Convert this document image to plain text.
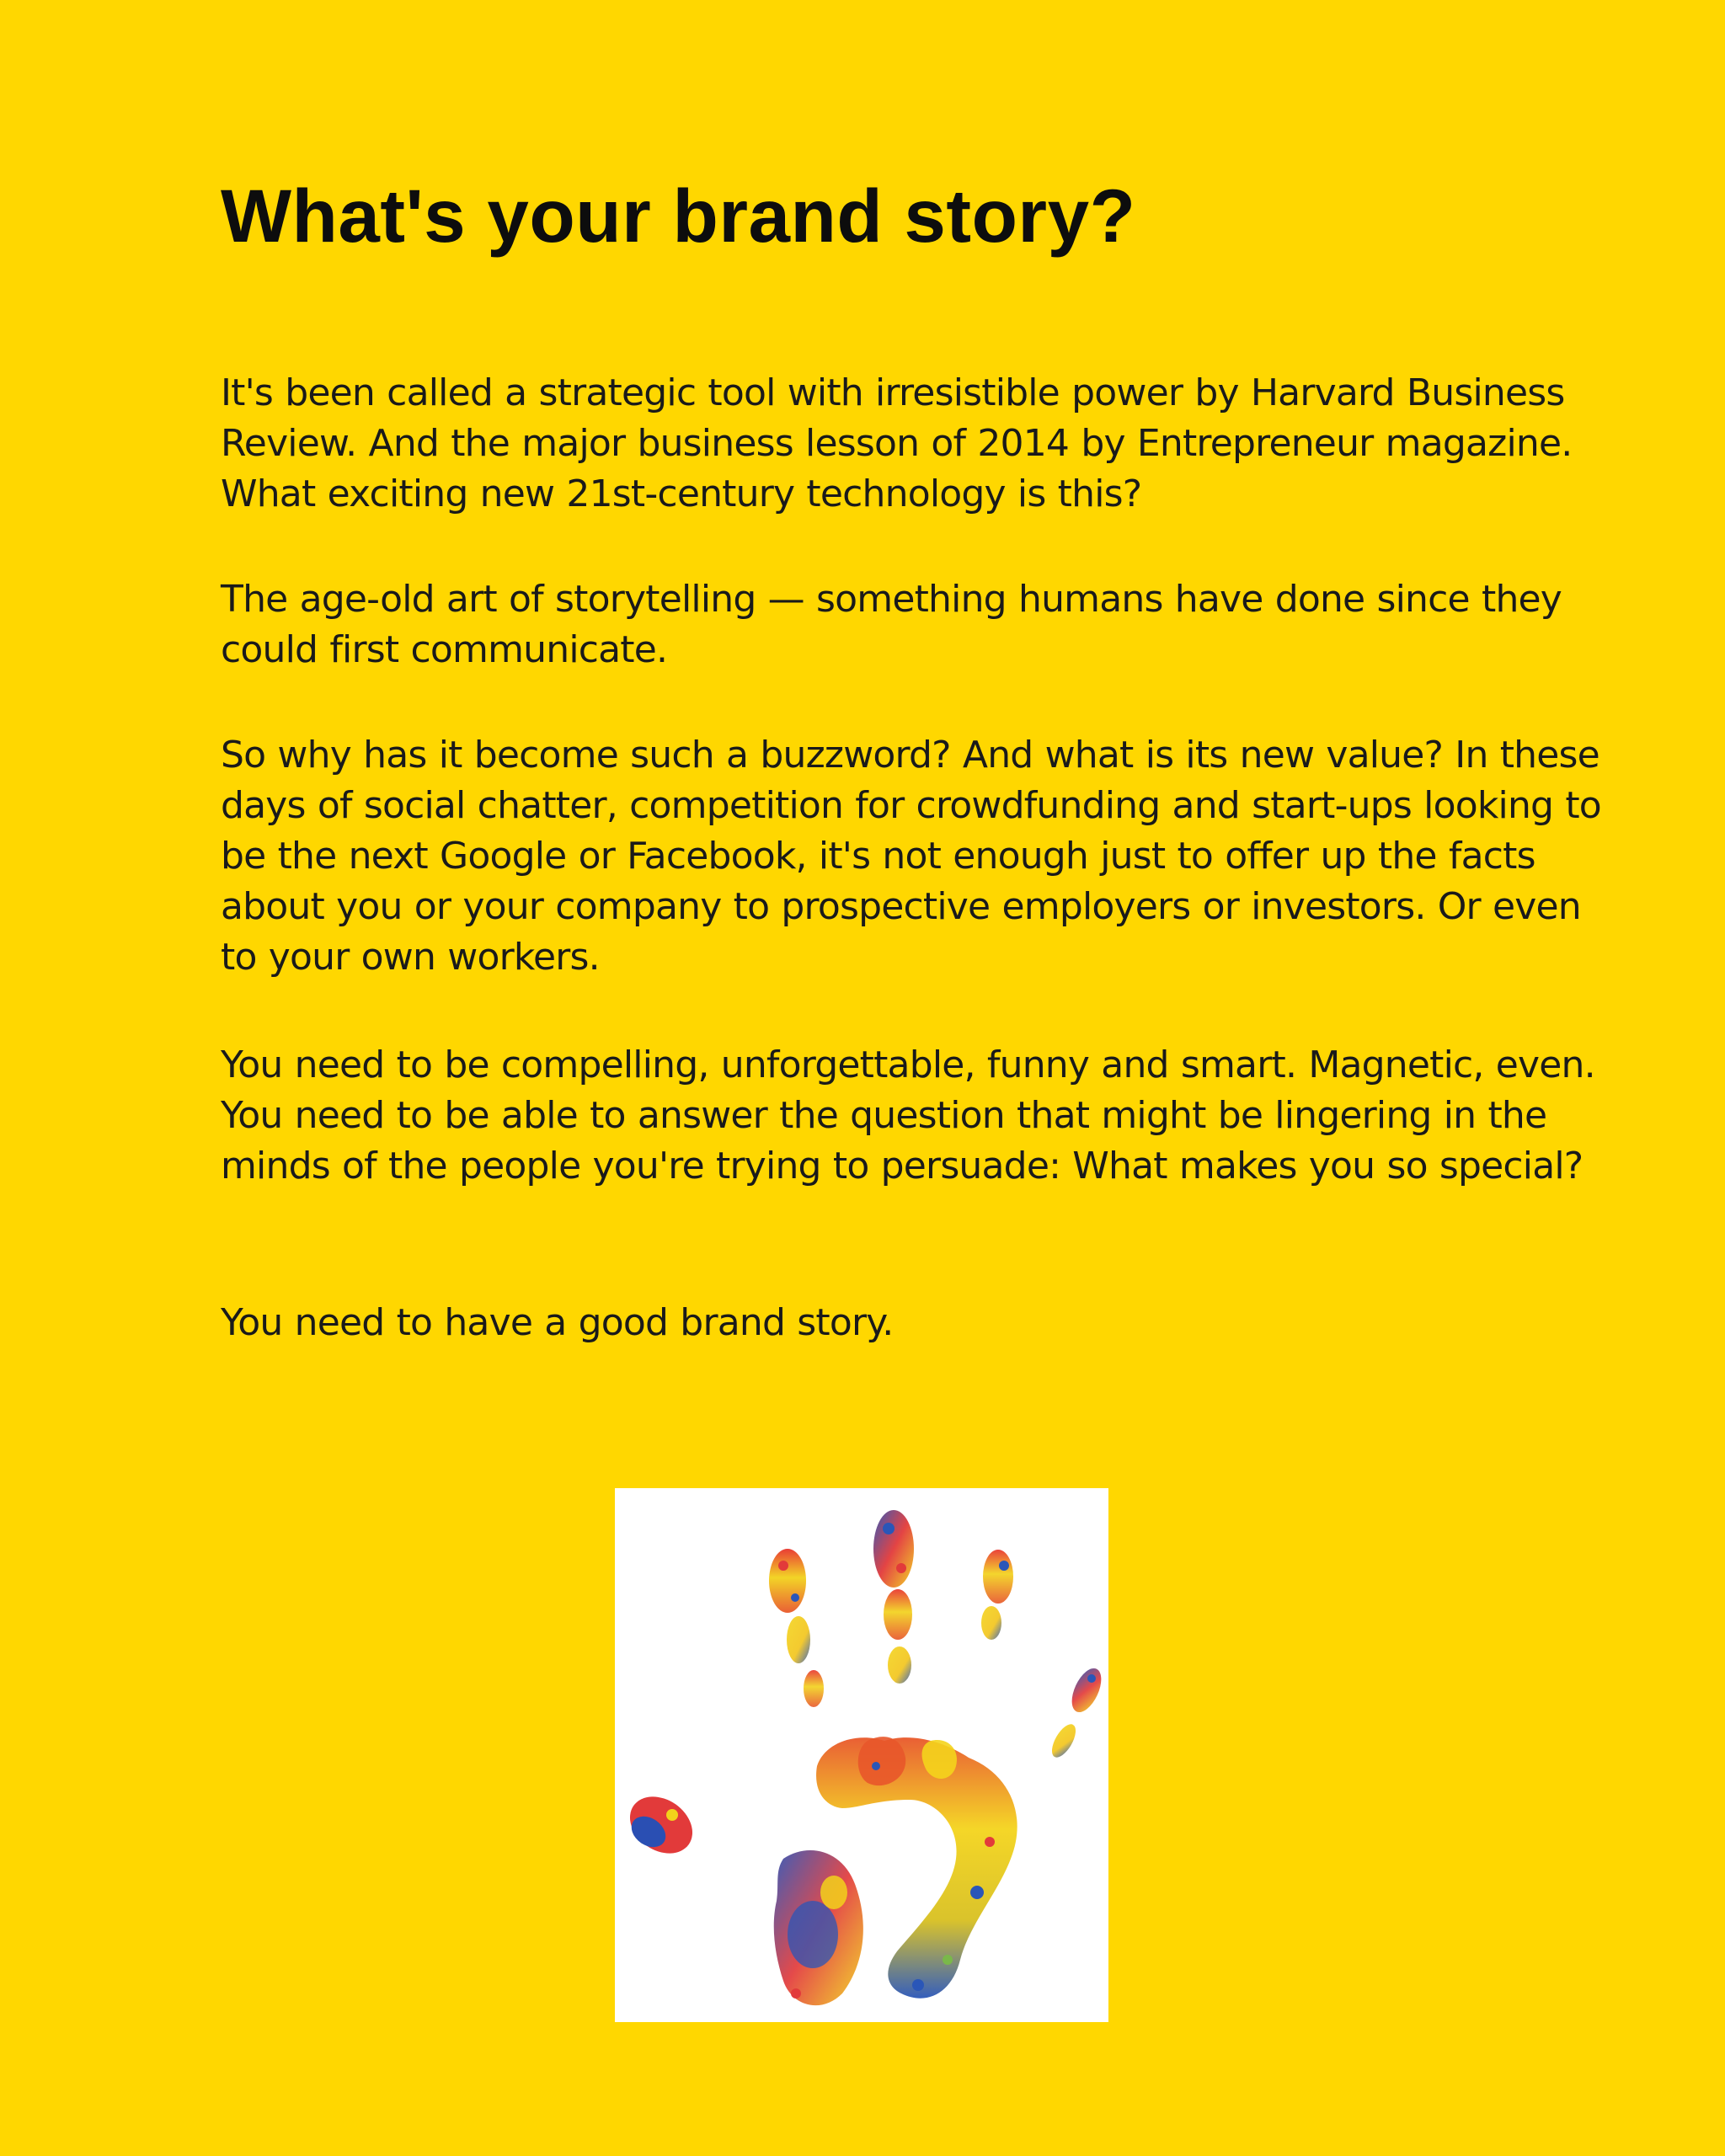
What's your brand story?

It's been called a strategic tool with irresistible power by Harvard Business Review. And the major business lesson of 2014 by Entrepreneur magazine. What exciting new 21st-century technology is this?

The age-old art of storytelling — something humans have done since they could first communicate.

So why has it become such a buzzword? And what is its new value? In these days of social chatter, competition for crowdfunding and start-ups looking to be the next Google or Facebook, it's not enough just to offer up the facts about you or your company to prospective employers or investors. Or even to your own workers.

You need to be compelling, unforgettable, funny and smart. Magnetic, even. You need to be able to answer the question that might be lingering in the minds of the people you're trying to persuade: What makes you so special?

You need to have a good brand story.
